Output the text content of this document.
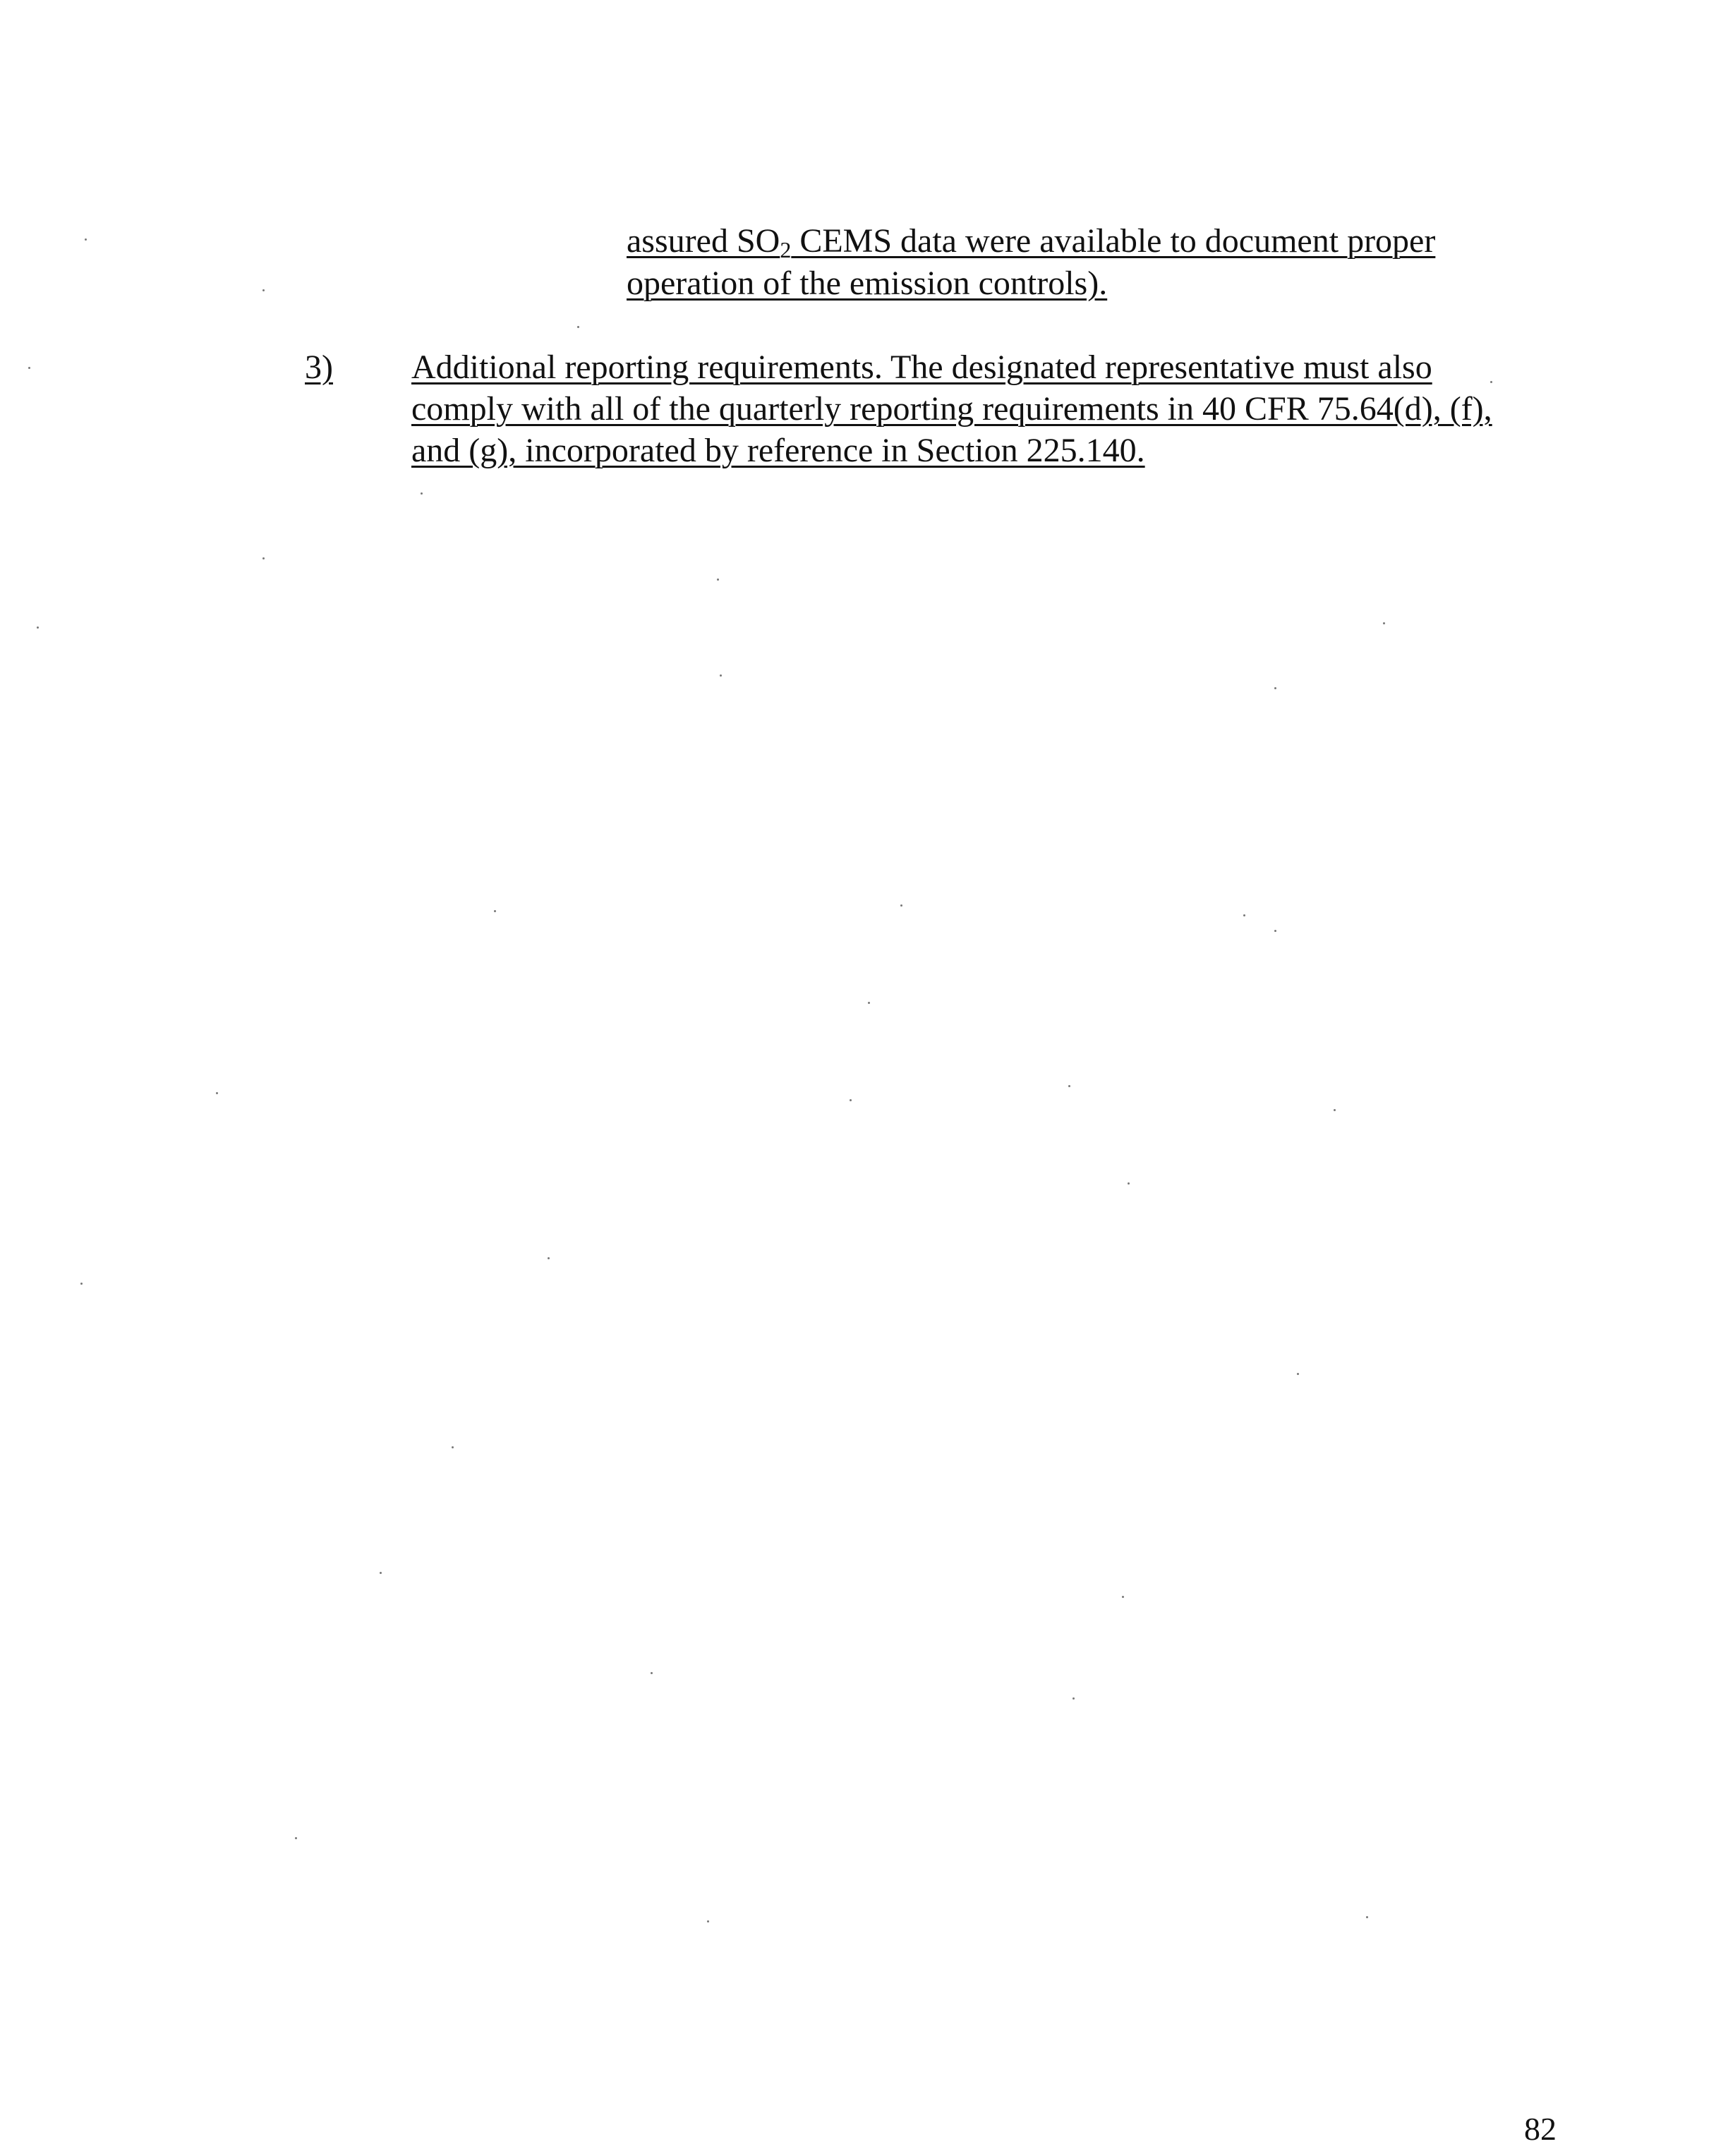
assured $SO_2$ CEMS data were available to document proper
operation of the emission controls).
3) Additional reporting requirements. The designated representative must also
comply with all of the quarterly reporting requirements in 40 CFR 75.64(d), (f),
and (g), incorporated by reference in Section 225.140.
82
